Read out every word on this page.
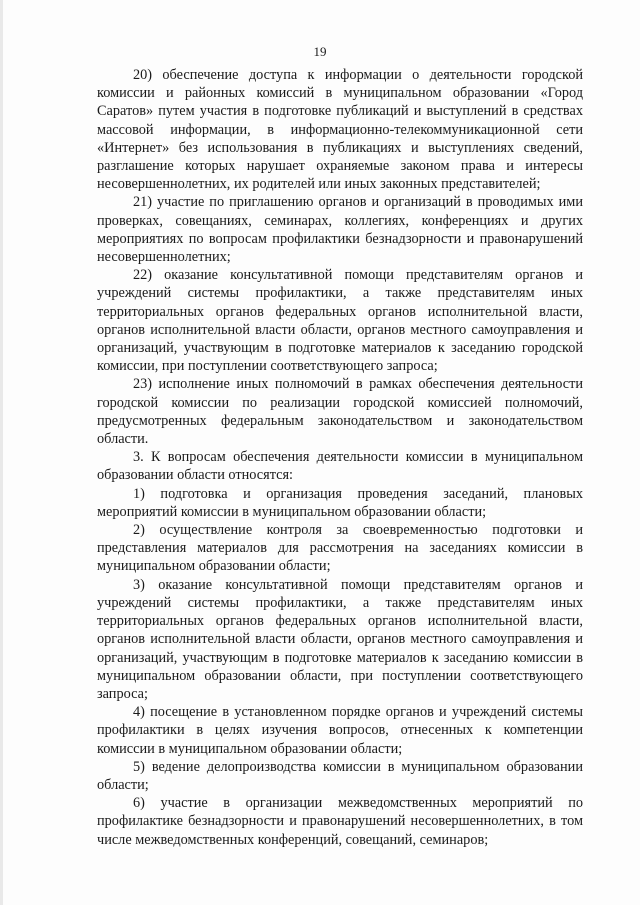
19

20) обеспечение доступа к информации о деятельности городской комиссии и районных комиссий в муниципальном образовании «Город Саратов» путем участия в подготовке публикаций и выступлений в средствах массовой информации, в информационно-телекоммуникационной сети «Интернет» без использования в публикациях и выступлениях сведений, разглашение которых нарушает охраняемые законом права и интересы несовершеннолетних, их родителей или иных законных представителей;

21) участие по приглашению органов и организаций в проводимых ими проверках, совещаниях, семинарах, коллегиях, конференциях и других мероприятиях по вопросам профилактики безнадзорности и правонарушений несовершеннолетних;

22) оказание консультативной помощи представителям органов и учреждений системы профилактики, а также представителям иных территориальных органов федеральных органов исполнительной власти, органов исполнительной власти области, органов местного самоуправления и организаций, участвующим в подготовке материалов к заседанию городской комиссии, при поступлении соответствующего запроса;

23) исполнение иных полномочий в рамках обеспечения деятельности городской комиссии по реализации городской комиссией полномочий, предусмотренных федеральным законодательством и законодательством области.

3. К вопросам обеспечения деятельности комиссии в муниципальном образовании области относятся:

1) подготовка и организация проведения заседаний, плановых мероприятий комиссии в муниципальном образовании области;

2) осуществление контроля за своевременностью подготовки и представления материалов для рассмотрения на заседаниях комиссии в муниципальном образовании области;

3) оказание консультативной помощи представителям органов и учреждений системы профилактики, а также представителям иных территориальных органов федеральных органов исполнительной власти, органов исполнительной власти области, органов местного самоуправления и организаций, участвующим в подготовке материалов к заседанию комиссии в муниципальном образовании области, при поступлении соответствующего запроса;

4) посещение в установленном порядке органов и учреждений системы профилактики в целях изучения вопросов, отнесенных к компетенции комиссии в муниципальном образовании области;

5) ведение делопроизводства комиссии в муниципальном образовании области;

6) участие в организации межведомственных мероприятий по профилактике безнадзорности и правонарушений несовершеннолетних, в том числе межведомственных конференций, совещаний, семинаров;
